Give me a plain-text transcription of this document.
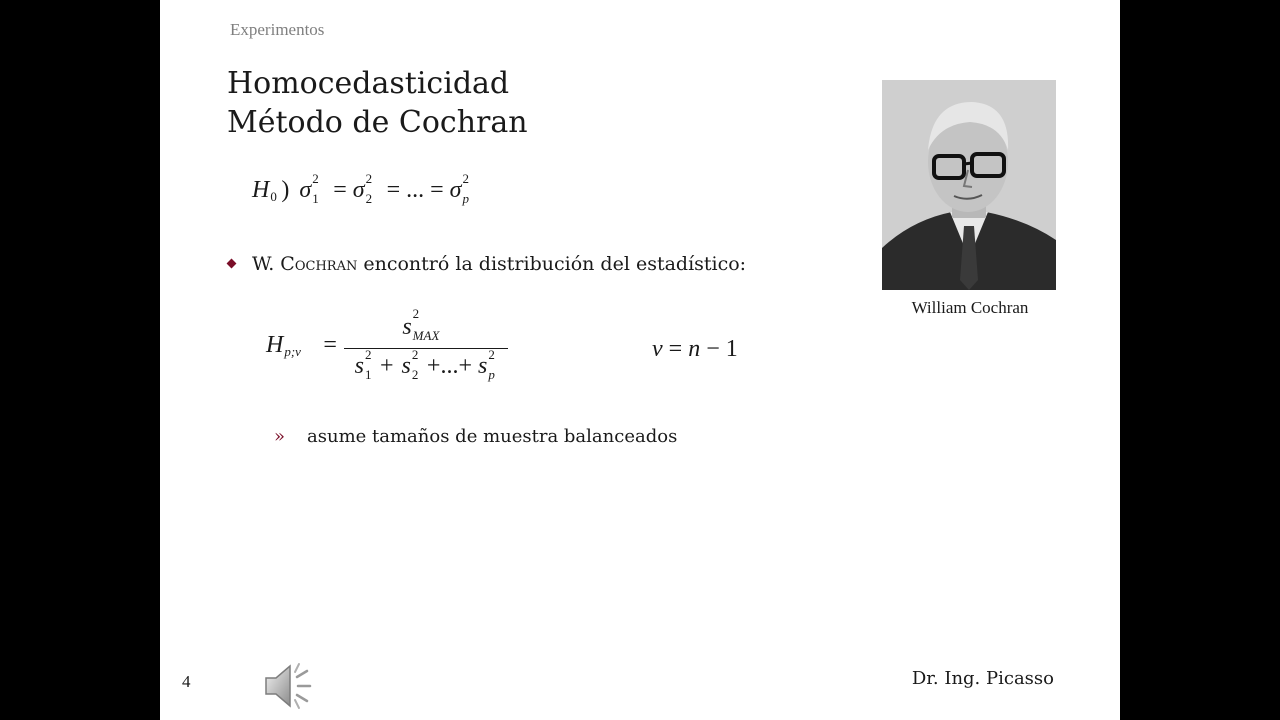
Experimentos
Homocedasticidad
Método de Cochran
H 0 ) σ 2
1 = σ 2
2 = ... = σ 2
p
W. Cochran encontró la distribución del estadístico:
H p;ν =
s
2
MAX
s 2
1 + s 2
2 +...+ s 2
p
ν = n − 1
» asume tamaños de muestra balanceados
William Cochran
4	Dr. Ing. Picasso
